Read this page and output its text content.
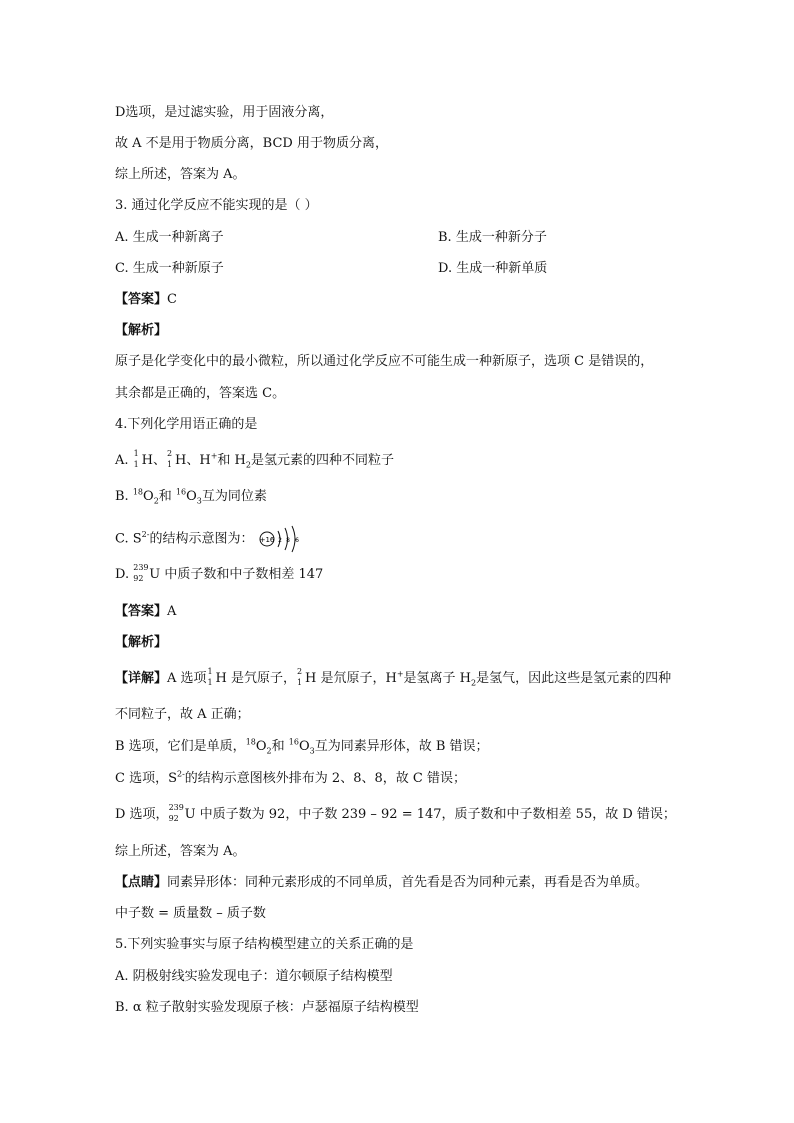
D选项，是过滤实验，用于固液分离，
故 A 不是用于物质分离，BCD 用于物质分离，
综上所述，答案为 A。
3. 通过化学反应不能实现的是（ ）
A. 生成一种新离子	B. 生成一种新分子
C. 生成一种新原子	D. 生成一种新单质
【答案】C
【解析】
原子是化学变化中的最小微粒，所以通过化学反应不可能生成一种新原子，选项 C 是错误的，
其余都是正确的，答案选 C。
4.下列化学用语正确的是
A. 1
1 H、 2
1 H、H+和 $H_2$是氢元素的四种不同粒子
B. $^{18}O_2$和 $^{16}O_3$互为同位素
C. $S^{2-}$的结构示意图为： +16 2 8 6
D. 239
92 U 中质子数和中子数相差 147
【答案】A
【解析】
【详解】A 选项 1
1 H 是氕原子， 2
1 H 是氘原子，H+是氢离子 $H_2$是氢气，因此这些是氢元素的四种
不同粒子，故 A 正确；
B 选项，它们是单质，$^{18}O_2$和 $^{16}O_3$互为同素异形体，故 B 错误；
C 选项，$S^{2-}$的结构示意图核外排布为 2、8、8，故 C 错误；
D 选项， 239
92 U 中质子数为 92，中子数 239 – 92 = 147，质子数和中子数相差 55，故 D 错误；
综上所述，答案为 A。
【点睛】同素异形体：同种元素形成的不同单质，首先看是否为同种元素，再看是否为单质。
中子数 = 质量数 – 质子数
5.下列实验事实与原子结构模型建立的关系正确的是
A. 阴极射线实验发现电子：道尔顿原子结构模型
B. α 粒子散射实验发现原子核：卢瑟福原子结构模型
